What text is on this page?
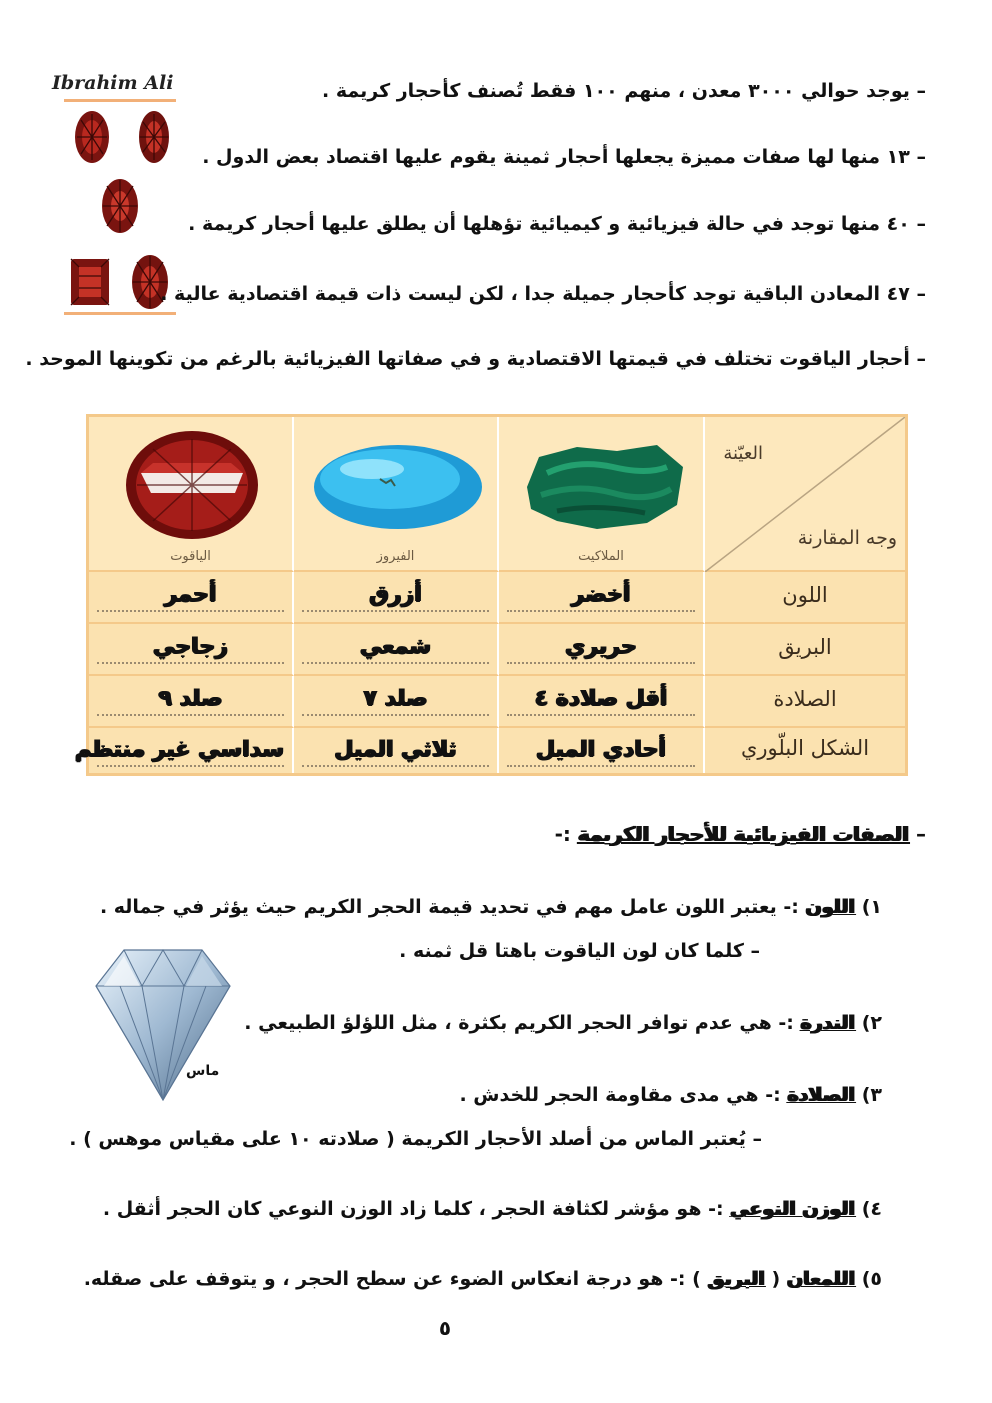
Ibrahim Ali	– يوجد حوالي ٣٠٠٠ معدن ، منهم ١٠٠ فقط تُصنف كأحجار كريمة .
– ١٣ منها لها صفات مميزة يجعلها أحجار ثمينة يقوم عليها اقتصاد بعض الدول .
– ٤٠ منها توجد في حالة فيزيائية و كيميائية تؤهلها أن يطلق عليها أحجار كريمة .
– ٤٧ المعادن الباقية توجد كأحجار جميلة جدا ، لكن ليست ذات قيمة اقتصادية عالية .
– أحجار الياقوت تختلف في قيمتها الاقتصادية و في صفاتها الفيزيائية بالرغم من تكوينها الموحد .
الياقوت	الفيروز	الملاكيت
العيّنة
وجه المقارنة
أحمر	أزرق	أخضر	اللون
زجاجي	شمعي	حريري	البريق
صلد ٩	صلد ٧	أقل صلادة ٤	الصلادة
سداسي غير منتظم	ثلاثي الميل	أحادي الميل	الشكل البلّوري
– الصفات الفيزيائية للأحجار الكريمة :-
ماس
١) اللون :- يعتبر اللون عامل مهم في تحديد قيمة الحجر الكريم حيث يؤثر في جماله .
– كلما كان لون الياقوت باهتا قل ثمنه .
٢) الندرة :- هي عدم توافر الحجر الكريم بكثرة ، مثل اللؤلؤ الطبيعي .
٣) الصلادة :- هي مدى مقاومة الحجر للخدش .
– يُعتبر الماس من أصلد الأحجار الكريمة ( صلادته ١٠ على مقياس موهس ) .
٤) الوزن النوعي :- هو مؤشر لكثافة الحجر ، كلما زاد الوزن النوعي كان الحجر أثقل .
٥) اللمعان ( البريق ) :- هو درجة انعكاس الضوء عن سطح الحجر ، و يتوقف على صقله.
٥
